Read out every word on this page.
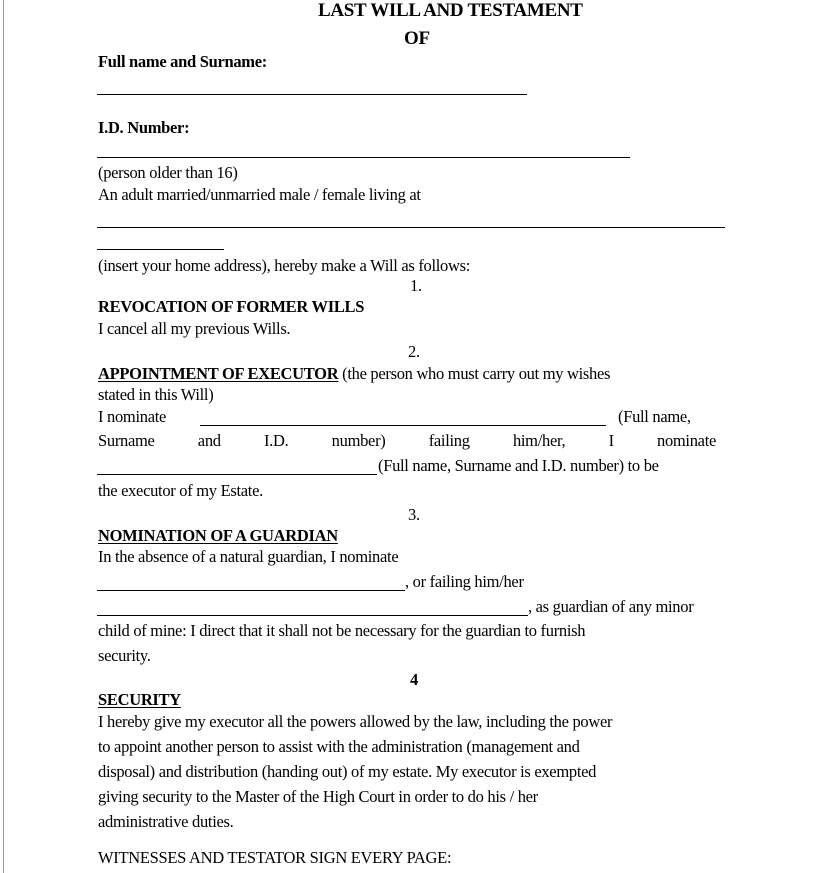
LAST WILL AND TESTAMENT
OF
Full name and Surname:
I.D. Number:
(person older than 16)
An adult married/unmarried male / female living at
(insert your home address), hereby make a Will as follows:
1.
REVOCATION OF FORMER WILLS
I cancel all my previous Wills.
2.
APPOINTMENT OF EXECUTOR (the person who must carry out my wishes
stated in this Will)
I nominate	(Full name,
Surname	and	I.D.	number)	failing	him/her,	I	nominate
(Full name, Surname and I.D. number) to be
the executor of my Estate.
3.
NOMINATION OF A GUARDIAN
In the absence of a natural guardian, I nominate
, or failing him/her
, as guardian of any minor
child of mine: I direct that it shall not be necessary for the guardian to furnish
security.
4
SECURITY
I hereby give my executor all the powers allowed by the law, including the power
to appoint another person to assist with the administration (management and
disposal) and distribution (handing out) of my estate. My executor is exempted
giving security to the Master of the High Court in order to do his / her
administrative duties.
WITNESSES AND TESTATOR SIGN EVERY PAGE:
